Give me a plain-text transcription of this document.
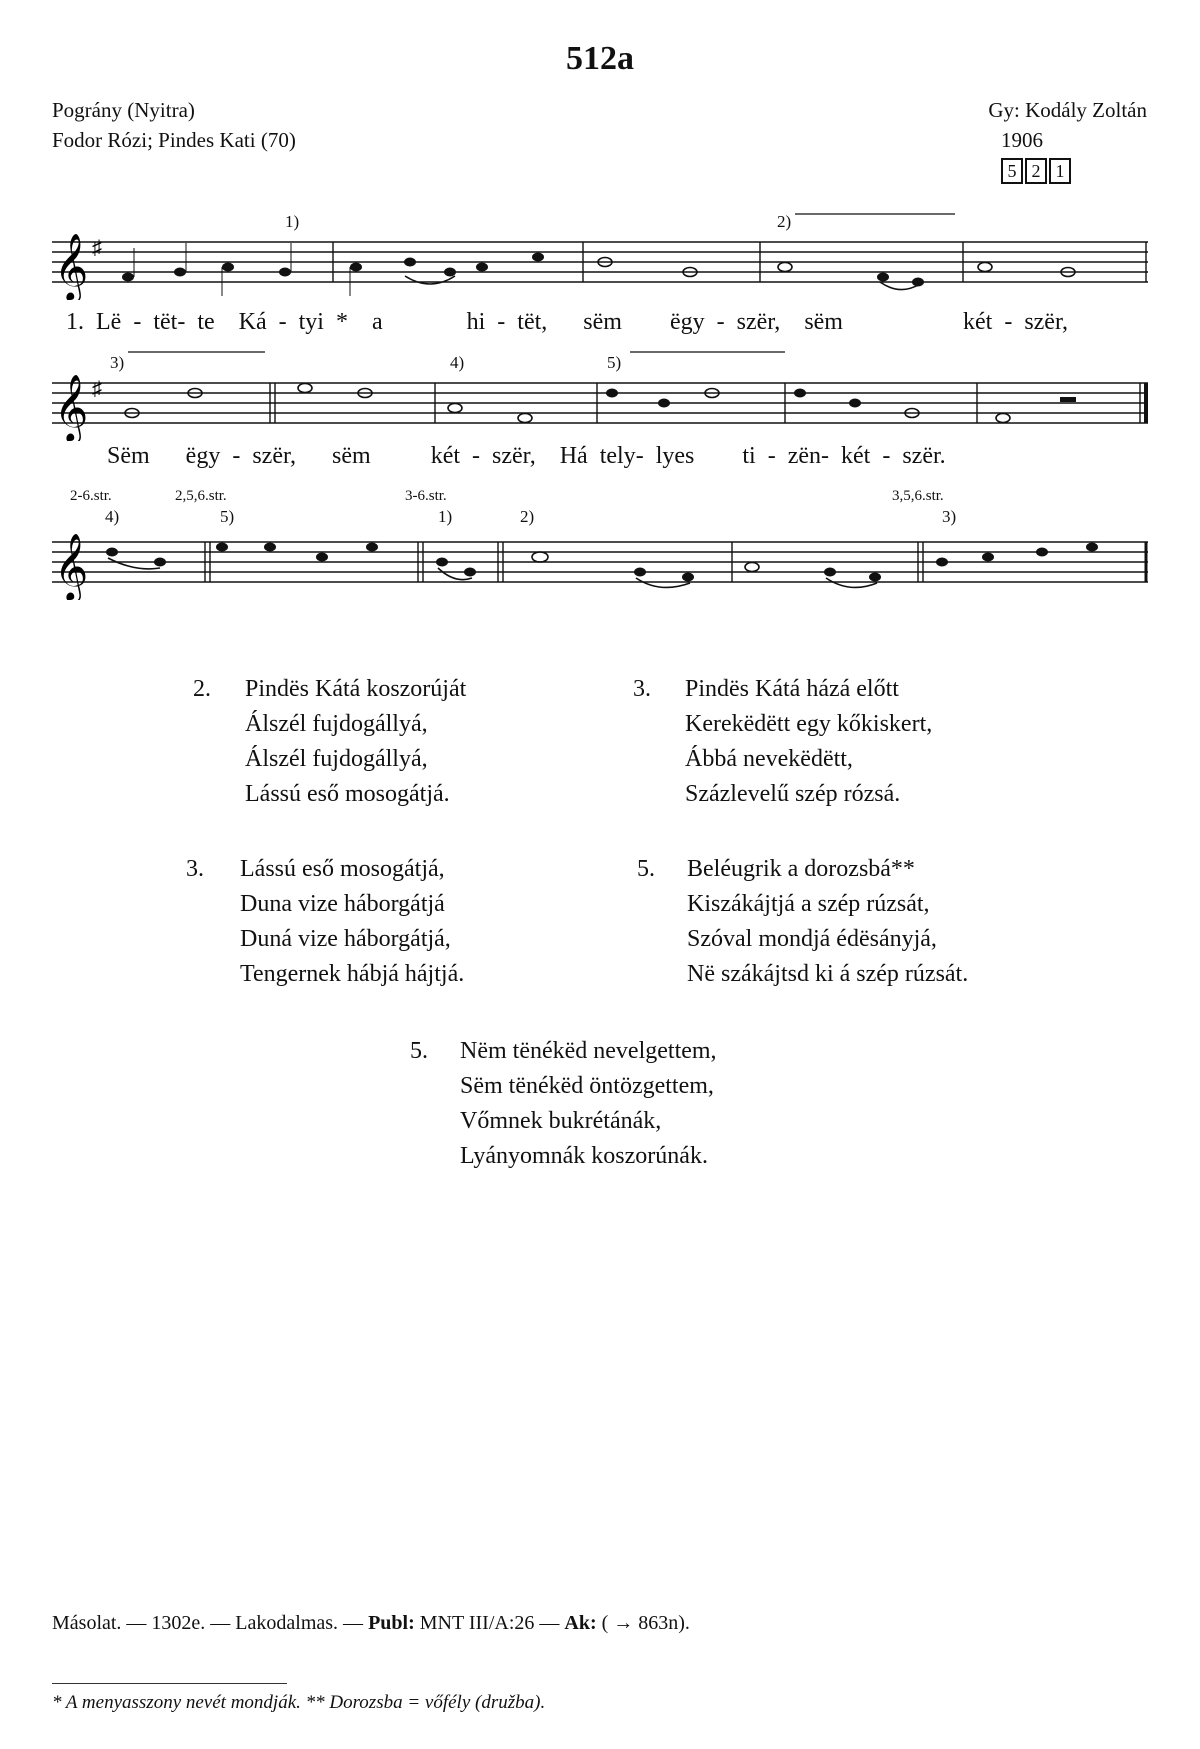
512a
Pográny (Nyitra)
Fodor Rózi; Pindes Kati (70)
Gy: Kodály Zoltán
1906
5 2 1
𝄞 ♯
1)	2)
1. Lë - tët- te Ká - tyi * a	hi - tët, sëm ëgy - szër, sëm	két - szër,
𝄞 ♯
3)	4)	5)
Sëm ëgy - szër, sëm	két - szër, Há tely- lyes ti - zën- két - szër.
2-6.str.	2,5,6.str.	3-6.str.	3,5,6.str.
4)	5)	1)	2)	3)
𝄞
2. Pindës Kátá koszorúját
Álszél fujdogállyá,
Álszél fujdogállyá,
Lássú eső mosogátjá.
3. Pindës Kátá házá előtt
Kerekëdëtt egy kőkiskert,
Ábbá nevekëdëtt,
Százlevelű szép rózsá.
3. Lássú eső mosogátjá,
Duna vize háborgátjá
Duná vize háborgátjá,
Tengernek hábjá hájtjá.
5. Beléugrik a dorozsbá**
Kiszákájtjá a szép rúzsát,
Szóval mondjá édësányjá,
Në szákájtsd ki á szép rúzsát.
5. Nëm tënékëd nevelgettem,
Sëm tënékëd öntözgettem,
Vőmnek bukrétánák,
Lyányomnák koszorúnák.
Másolat. — 1302e. — Lakodalmas. — Publ: MNT III/A:26 — Ak: ( → 863n).
* A menyasszony nevét mondják. ** Dorozsba = vőfély (družba).
